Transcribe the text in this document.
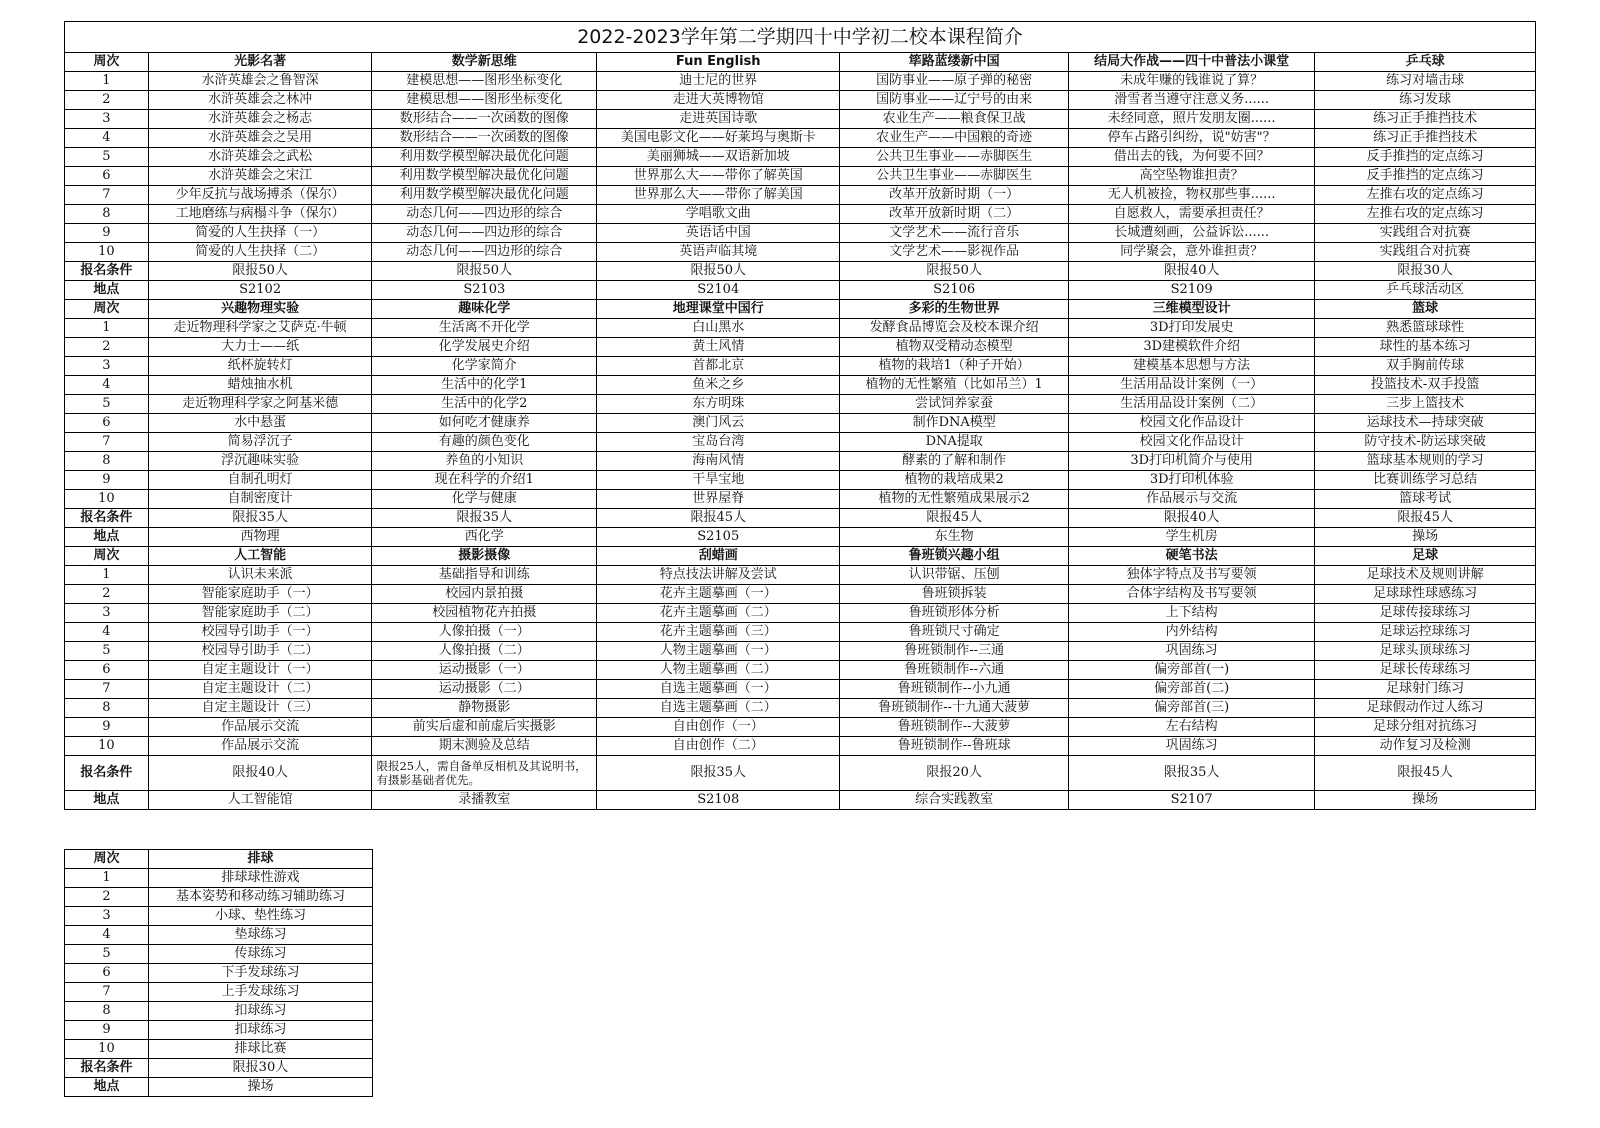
2022-2023学年第二学期四十中学初二校本课程简介						
周次	光影名著	数学新思维	Fun English	筚路蓝缕新中国	结局大作战——四十中普法小课堂	乒乓球
1	水浒英雄会之鲁智深	建模思想——图形坐标变化	迪士尼的世界	国防事业——原子弹的秘密	未成年赚的钱谁说了算？	练习对墙击球
2	水浒英雄会之林冲	建模思想——图形坐标变化	走进大英博物馆	国防事业——辽宁号的由来	滑雪者当遵守注意义务......	练习发球
3	水浒英雄会之杨志	数形结合——一次函数的图像	走进英国诗歌	农业生产——粮食保卫战	未经同意，照片发朋友圈......	练习正手推挡技术
4	水浒英雄会之吴用	数形结合——一次函数的图像	美国电影文化——好莱坞与奥斯卡	农业生产——中国粮的奇迹	停车占路引纠纷，说"妨害"？	练习正手推挡技术
5	水浒英雄会之武松	利用数学模型解决最优化问题	美丽狮城——双语新加坡	公共卫生事业——赤脚医生	借出去的钱，为何要不回？	反手推挡的定点练习
6	水浒英雄会之宋江	利用数学模型解决最优化问题	世界那么大——带你了解英国	公共卫生事业——赤脚医生	高空坠物谁担责？	反手推挡的定点练习
7	少年反抗与战场搏杀（保尔）	利用数学模型解决最优化问题	世界那么大——带你了解美国	改革开放新时期（一）	无人机被捡，物权那些事......	左推右攻的定点练习
8	工地磨练与病榻斗争（保尔）	动态几何——四边形的综合	学唱歌文曲	改革开放新时期（二）	自愿救人，需要承担责任？	左推右攻的定点练习
9	简爱的人生抉择（一）	动态几何——四边形的综合	英语话中国	文学艺术——流行音乐	长城遭刻画，公益诉讼......	实践组合对抗赛
10	简爱的人生抉择（二）	动态几何——四边形的综合	英语声临其境	文学艺术——影视作品	同学聚会，意外谁担责？	实践组合对抗赛
报名条件	限报50人	限报50人	限报50人	限报50人	限报40人	限报30人
地点	S2102	S2103	S2104	S2106	S2109	乒乓球活动区
周次	兴趣物理实验	趣味化学	地理课堂中国行	多彩的生物世界	三维模型设计	篮球
1	走近物理科学家之艾萨克·牛顿	生活离不开化学	白山黑水	发酵食品博览会及校本课介绍	3D打印发展史	熟悉篮球球性
2	大力士——纸	化学发展史介绍	黄土风情	植物双受精动态模型	3D建模软件介绍	球性的基本练习
3	纸杯旋转灯	化学家简介	首都北京	植物的栽培1（种子开始）	建模基本思想与方法	双手胸前传球
4	蜡烛抽水机	生活中的化学1	鱼米之乡	植物的无性繁殖（比如吊兰）1	生活用品设计案例（一）	投篮技术-双手投篮
5	走近物理科学家之阿基米德	生活中的化学2	东方明珠	尝试饲养家蚕	生活用品设计案例（二）	三步上篮技术
6	水中悬蛋	如何吃才健康养	澳门风云	制作DNA模型	校园文化作品设计	运球技术—持球突破
7	简易浮沉子	有趣的颜色变化	宝岛台湾	DNA提取	校园文化作品设计	防守技术-防运球突破
8	浮沉趣味实验	养鱼的小知识	海南风情	酵素的了解和制作	3D打印机简介与使用	篮球基本规则的学习
9	自制孔明灯	现在科学的介绍1	干旱宝地	植物的栽培成果2	3D打印机体验	比赛训练学习总结
10	自制密度计	化学与健康	世界屋脊	植物的无性繁殖成果展示2	作品展示与交流	篮球考试
报名条件	限报35人	限报35人	限报45人	限报45人	限报40人	限报45人
地点	西物理	西化学	S2105	东生物	学生机房	操场
周次	人工智能	摄影摄像	刮蜡画	鲁班锁兴趣小组	硬笔书法	足球
1	认识未来派	基础指导和训练	特点技法讲解及尝试	认识带锯、压刨	独体字特点及书写要领	足球技术及规则讲解
2	智能家庭助手（一）	校园内景拍摄	花卉主题摹画（一）	鲁班锁拆装	合体字结构及书写要领	足球球性球感练习
3	智能家庭助手（二）	校园植物花卉拍摄	花卉主题摹画（二）	鲁班锁形体分析	上下结构	足球传接球练习
4	校园导引助手（一）	人像拍摄（一）	花卉主题摹画（三）	鲁班锁尺寸确定	内外结构	足球运控球练习
5	校园导引助手（二）	人像拍摄（二）	人物主题摹画（一）	鲁班锁制作--三通	巩固练习	足球头顶球练习
6	自定主题设计（一）	运动摄影（一）	人物主题摹画（二）	鲁班锁制作--六通	偏旁部首(一)	足球长传球练习
7	自定主题设计（二）	运动摄影（二）	自选主题摹画（一）	鲁班锁制作--小九通	偏旁部首(二)	足球射门练习
8	自定主题设计（三）	静物摄影	自选主题摹画（二）	鲁班锁制作--十九通大菠萝	偏旁部首(三)	足球假动作过人练习
9	作品展示交流	前实后虚和前虚后实摄影	自由创作（一）	鲁班锁制作--大菠萝	左右结构	足球分组对抗练习
10	作品展示交流	期末测验及总结	自由创作（二）	鲁班锁制作--鲁班球	巩固练习	动作复习及检测
报名条件	限报40人	限报25人，需自备单反相机及其说明书，有摄影基础者优先。	限报35人	限报20人	限报35人	限报45人
地点	人工智能馆	录播教室	S2108	综合实践教室	S2107	操场
周次	排球
1	排球球性游戏
2	基本姿势和移动练习辅助练习
3	小球、垫性练习
4	垫球练习
5	传球练习
6	下手发球练习
7	上手发球练习
8	扣球练习
9	扣球练习
10	排球比赛
报名条件	限报30人
地点	操场
